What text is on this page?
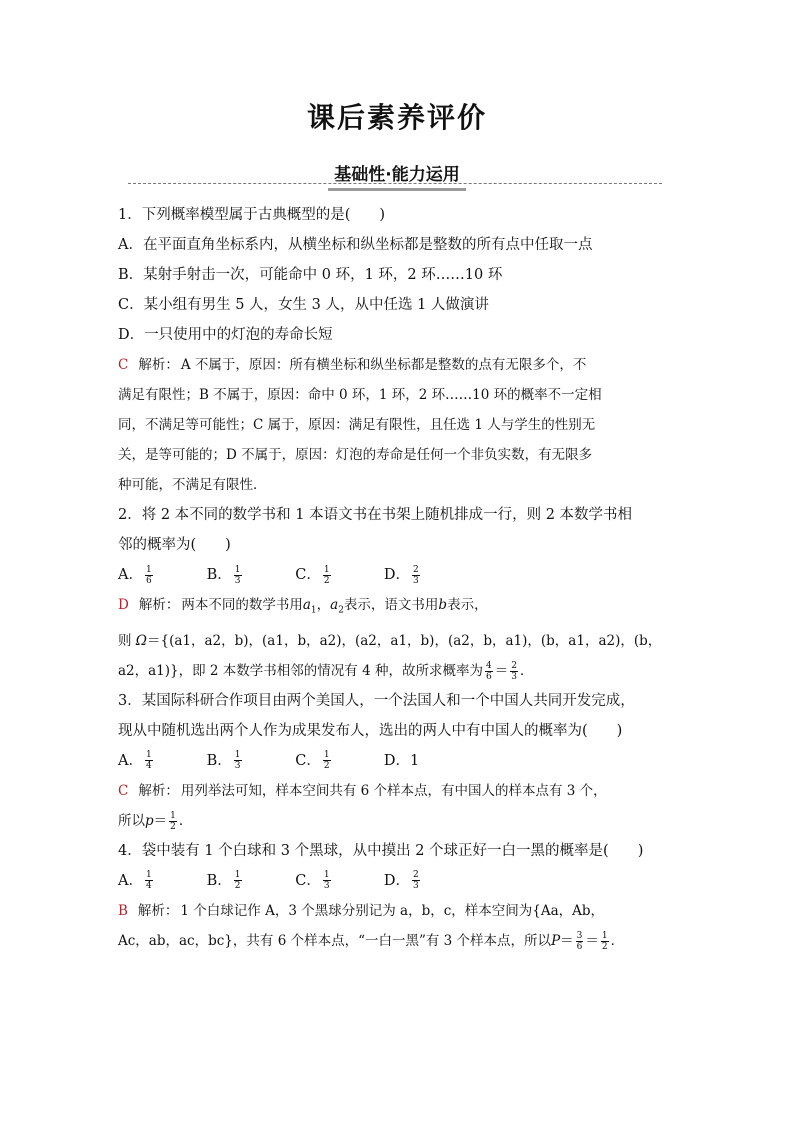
课后素养评价
基础性·能力运用
1．下列概率模型属于古典概型的是(　　)
A．在平面直角坐标系内，从横坐标和纵坐标都是整数的所有点中任取一点
B．某射手射击一次，可能命中 0 环，1 环，2 环……10 环
C．某小组有男生 5 人，女生 3 人，从中任选 1 人做演讲
D．一只使用中的灯泡的寿命长短
C 解析： A 不属于，原因：所有横坐标和纵坐标都是整数的点有无限多个，不
满足有限性；B 不属于，原因：命中 0 环，1 环，2 环……10 环的概率不一定相
同，不满足等可能性；C 属于，原因：满足有限性，且任选 1 人与学生的性别无
关，是等可能的；D 不属于，原因：灯泡的寿命是任何一个非负实数，有无限多
种可能，不满足有限性．
2．将 2 本不同的数学书和 1 本语文书在书架上随机排成一行，则 2 本数学书相
邻的概率为(　　)
A． $\frac{1}{6}$	B． $\frac{1}{3}$	C． $\frac{1}{2}$	D． $\frac{2}{3}$
D 解析： 两本不同的数学书用$a_1$，$a_2$表示，语文书用b表示，
则 Ω＝{(a1，a2，b)，(a1，b，a2)，(a2，a1，b)，(a2，b，a1)，(b，a1，a2)，(b，
a2，a1)}，即 2 本数学书相邻的情况有 4 种，故所求概率为 $\frac{4}{6} = \frac{2}{3}$ ．
3．某国际科研合作项目由两个美国人，一个法国人和一个中国人共同开发完成，
现从中随机选出两个人作为成果发布人，选出的两人中有中国人的概率为(　　)
A． $\frac{1}{4}$	B． $\frac{1}{3}$	C． $\frac{1}{2}$	D．1
C 解析： 用列举法可知，样本空间共有 6 个样本点，有中国人的样本点有 3 个，
所以$p= \frac{1}{2}$ ．
4．袋中装有 1 个白球和 3 个黑球，从中摸出 2 个球正好一白一黑的概率是(　　)
A． $\frac{1}{4}$	B． $\frac{1}{2}$	C． $\frac{1}{3}$	D． $\frac{2}{3}$
B 解析： 1 个白球记作 A，3 个黑球分别记为 a，b，c，样本空间为{Aa，Ab，
Ac，ab，ac，bc}，共有 6 个样本点，“一白一黑”有 3 个样本点，所以$P= \frac{3}{6} = \frac{1}{2}$ ．
